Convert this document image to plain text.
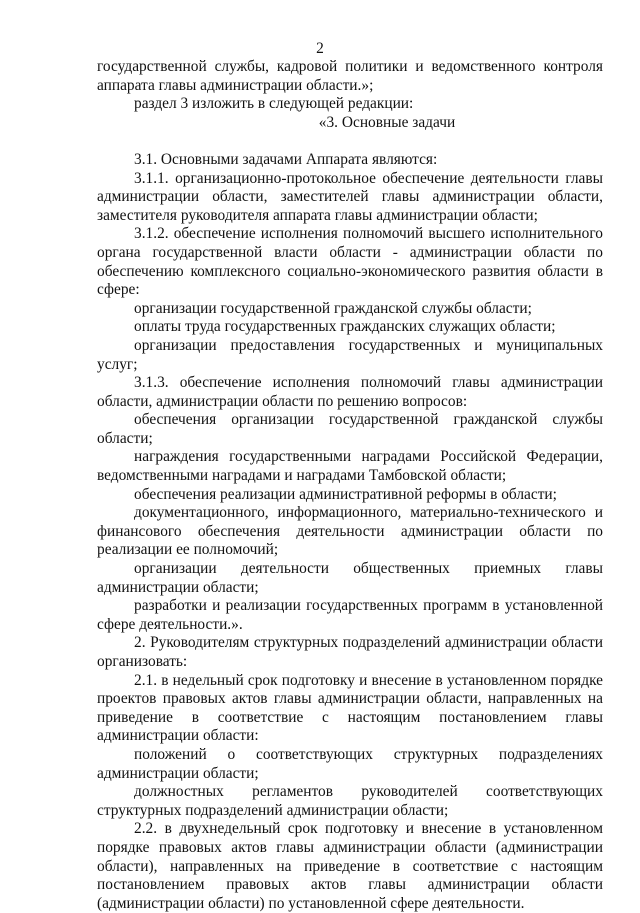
2

государственной службы, кадровой политики и ведомственного контроля аппарата главы администрации области.»;

раздел 3 изложить в следующей редакции:

«3. Основные задачи

3.1. Основными задачами Аппарата являются:

3.1.1. организационно-протокольное обеспечение деятельности главы администрации области, заместителей главы администрации области, заместителя руководителя аппарата главы администрации области;

3.1.2. обеспечение исполнения полномочий высшего исполнительного органа государственной власти области - администрации области по обеспечению комплексного социально-экономического развития области в сфере:

организации государственной гражданской службы области;

оплаты труда государственных гражданских служащих области;

организации предоставления государственных и муниципальных услуг;

3.1.3. обеспечение исполнения полномочий главы администрации области, администрации области по решению вопросов:

обеспечения организации государственной гражданской службы области;

награждения государственными наградами Российской Федерации, ведомственными наградами и наградами Тамбовской области;

обеспечения реализации административной реформы в области;

документационного, информационного, материально-технического и финансового обеспечения деятельности администрации области по реализации ее полномочий;

организации деятельности общественных приемных главы администрации области;

разработки и реализации государственных программ в установленной сфере деятельности.».

2. Руководителям структурных подразделений администрации области организовать:

2.1. в недельный срок подготовку и внесение в установленном порядке проектов правовых актов главы администрации области, направленных на приведение в соответствие с настоящим постановлением главы администрации области:

положений о соответствующих структурных подразделениях администрации области;

должностных регламентов руководителей соответствующих структурных подразделений администрации области;

2.2. в двухнедельный срок подготовку и внесение в установленном порядке правовых актов главы администрации области (администрации области), направленных на приведение в соответствие с настоящим постановлением правовых актов главы администрации области (администрации области) по установленной сфере деятельности.
